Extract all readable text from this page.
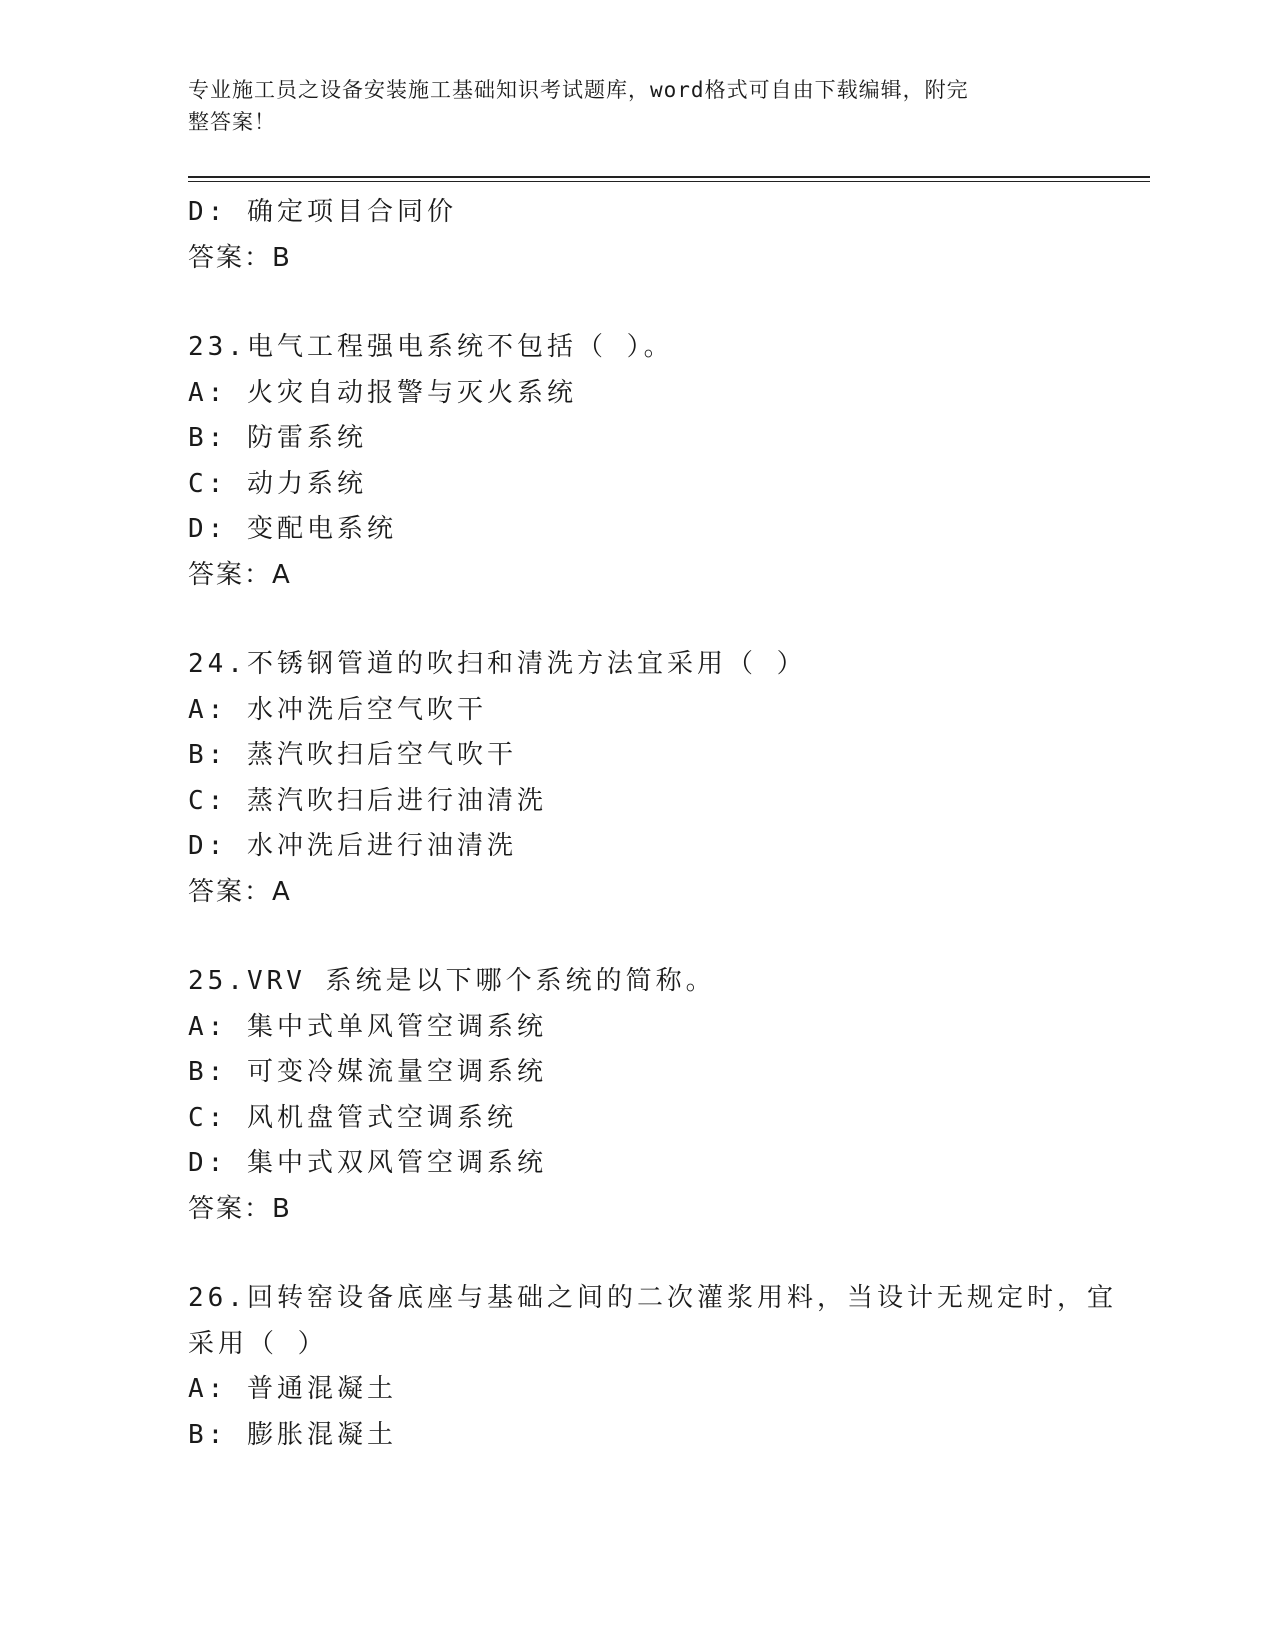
专业施工员之设备安装施工基础知识考试题库，word格式可自由下载编辑，附完
整答案！
D: 确定项目合同价
答案：B
23.电气工程强电系统不包括（ ）。
A: 火灾自动报警与灭火系统
B: 防雷系统
C: 动力系统
D: 变配电系统
答案：A
24.不锈钢管道的吹扫和清洗方法宜采用（ ）
A: 水冲洗后空气吹干
B: 蒸汽吹扫后空气吹干
C: 蒸汽吹扫后进行油清洗
D: 水冲洗后进行油清洗
答案：A
25.VRV 系统是以下哪个系统的简称。
A: 集中式单风管空调系统
B: 可变冷媒流量空调系统
C: 风机盘管式空调系统
D: 集中式双风管空调系统
答案：B
26.回转窑设备底座与基础之间的二次灌浆用料，当设计无规定时，宜
采用（ ）
A: 普通混凝土
B: 膨胀混凝土
